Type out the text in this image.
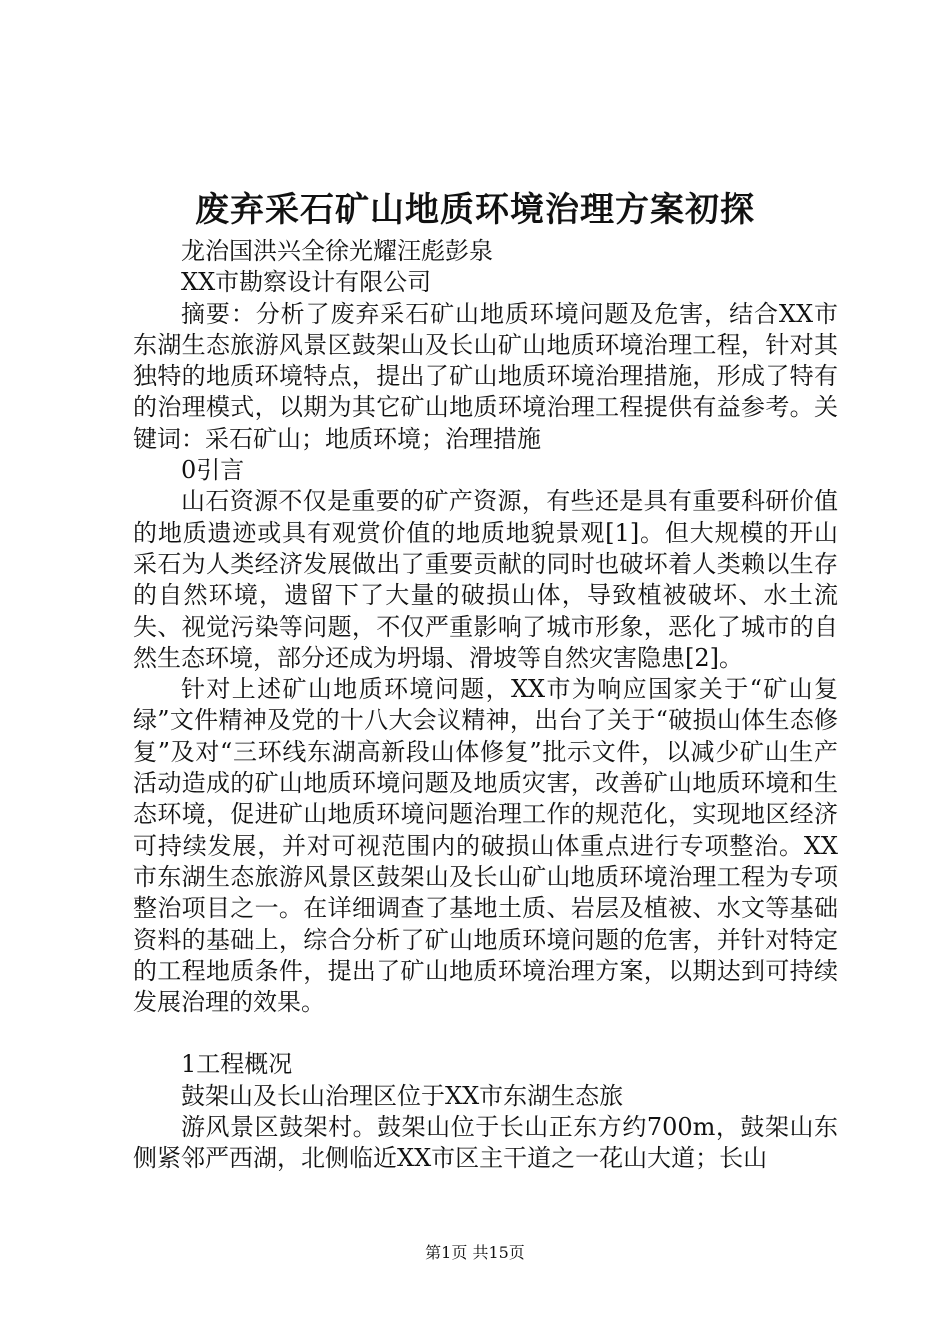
废弃采石矿山地质环境治理方案初探

龙治国洪兴全徐光耀汪彪彭泉

XX市勘察设计有限公司

摘要：分析了废弃采石矿山地质环境问题及危害，结合XX市东湖生态旅游风景区鼓架山及长山矿山地质环境治理工程，针对其独特的地质环境特点，提出了矿山地质环境治理措施，形成了特有的治理模式，以期为其它矿山地质环境治理工程提供有益参考。关键词：采石矿山；地质环境；治理措施

0引言

山石资源不仅是重要的矿产资源，有些还是具有重要科研价值的地质遗迹或具有观赏价值的地质地貌景观[1]。但大规模的开山采石为人类经济发展做出了重要贡献的同时也破坏着人类赖以生存的自然环境，遗留下了大量的破损山体，导致植被破坏、水土流失、视觉污染等问题，不仅严重影响了城市形象，恶化了城市的自然生态环境，部分还成为坍塌、滑坡等自然灾害隐患[2]。

针对上述矿山地质环境问题，XX市为响应国家关于“矿山复绿”文件精神及党的十八大会议精神，出台了关于“破损山体生态修复”及对“三环线东湖高新段山体修复”批示文件，以减少矿山生产活动造成的矿山地质环境问题及地质灾害，改善矿山地质环境和生态环境，促进矿山地质环境问题治理工作的规范化，实现地区经济可持续发展，并对可视范围内的破损山体重点进行专项整治。XX市东湖生态旅游风景区鼓架山及长山矿山地质环境治理工程为专项整治项目之一。在详细调查了基地土质、岩层及植被、水文等基础资料的基础上，综合分析了矿山地质环境问题的危害，并针对特定的工程地质条件，提出了矿山地质环境治理方案，以期达到可持续发展治理的效果。

1工程概况

鼓架山及长山治理区位于XX市东湖生态旅

游风景区鼓架村。鼓架山位于长山正东方约700m，鼓架山东侧紧邻严西湖，北侧临近XX市区主干道之一花山大道；长山

第1页 共15页
